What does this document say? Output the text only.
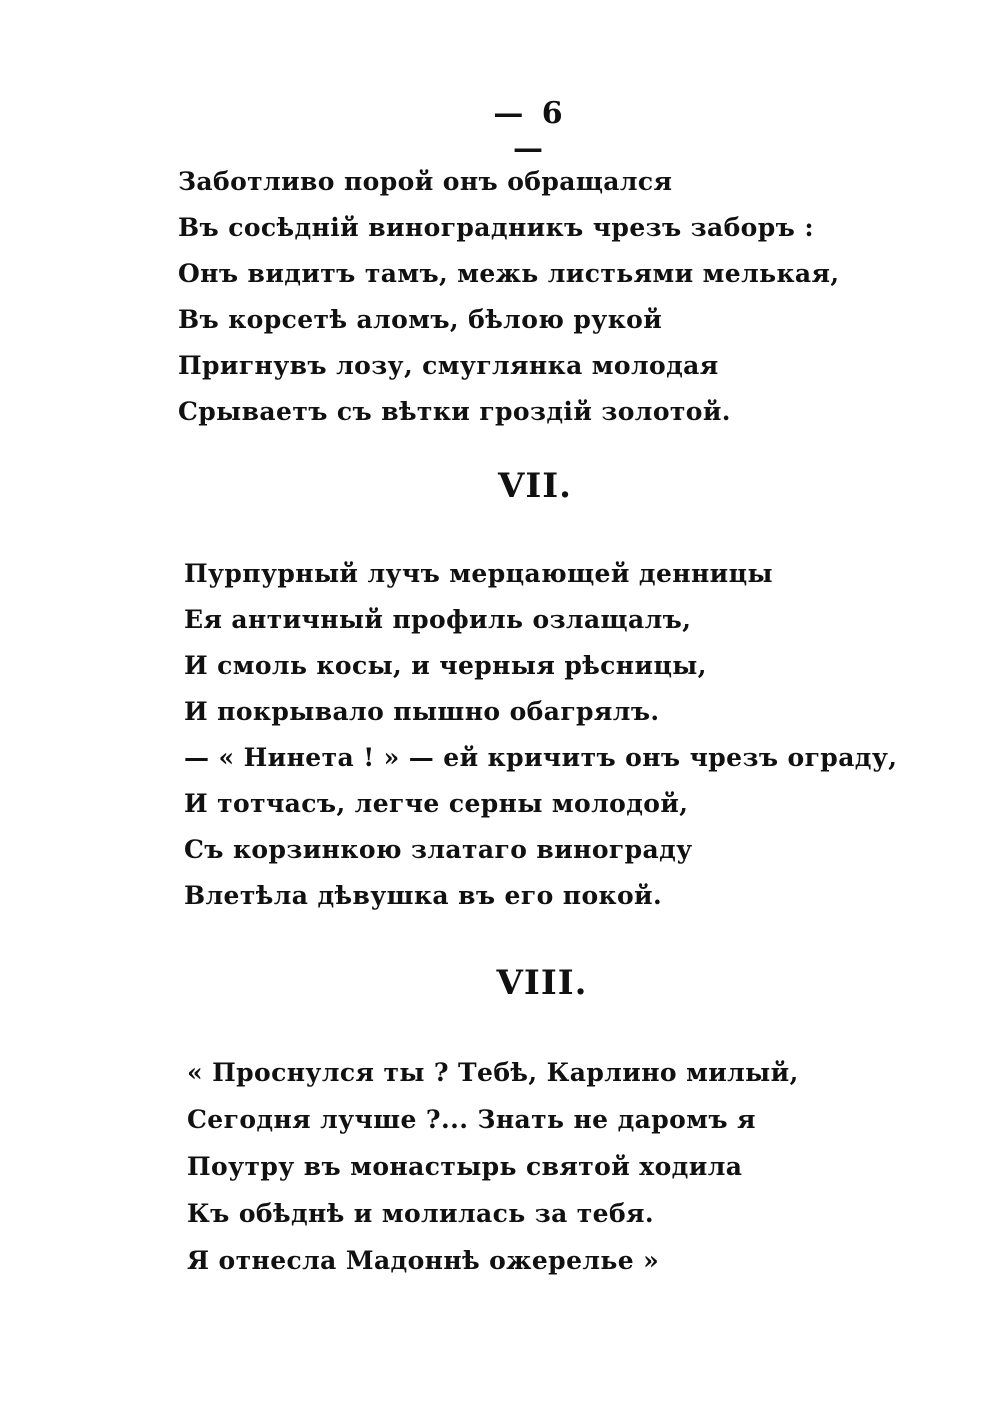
— 6 —
Заботливо порой онъ обращался
Въ сосѣдній виноградникъ чрезъ заборъ :
Онъ видитъ тамъ, межь листьями мелькая,
Въ корсетѣ аломъ, бѣлою рукой
Пригнувъ лозу, смуглянка молодая
Срываетъ съ вѣтки гроздій золотой.
VII.
Пурпурный лучъ мерцающей денницы
Ея античный профиль озлащалъ,
И смоль косы, и черныя рѣсницы,
И покрывало пышно обагрялъ.
— « Нинета ! » — ей кричитъ онъ чрезъ ограду,
И тотчасъ, легче серны молодой,
Съ корзинкою златаго винограду
Влетѣла дѣвушка въ его покой.
VIII.
« Проснулся ты ? Тебѣ, Карлино милый,
Сегодня лучше ?... Знать не даромъ я
Поутру въ монастырь святой ходила
Къ обѣднѣ и молилась за тебя.
Я отнесла Мадоннѣ ожерелье »
